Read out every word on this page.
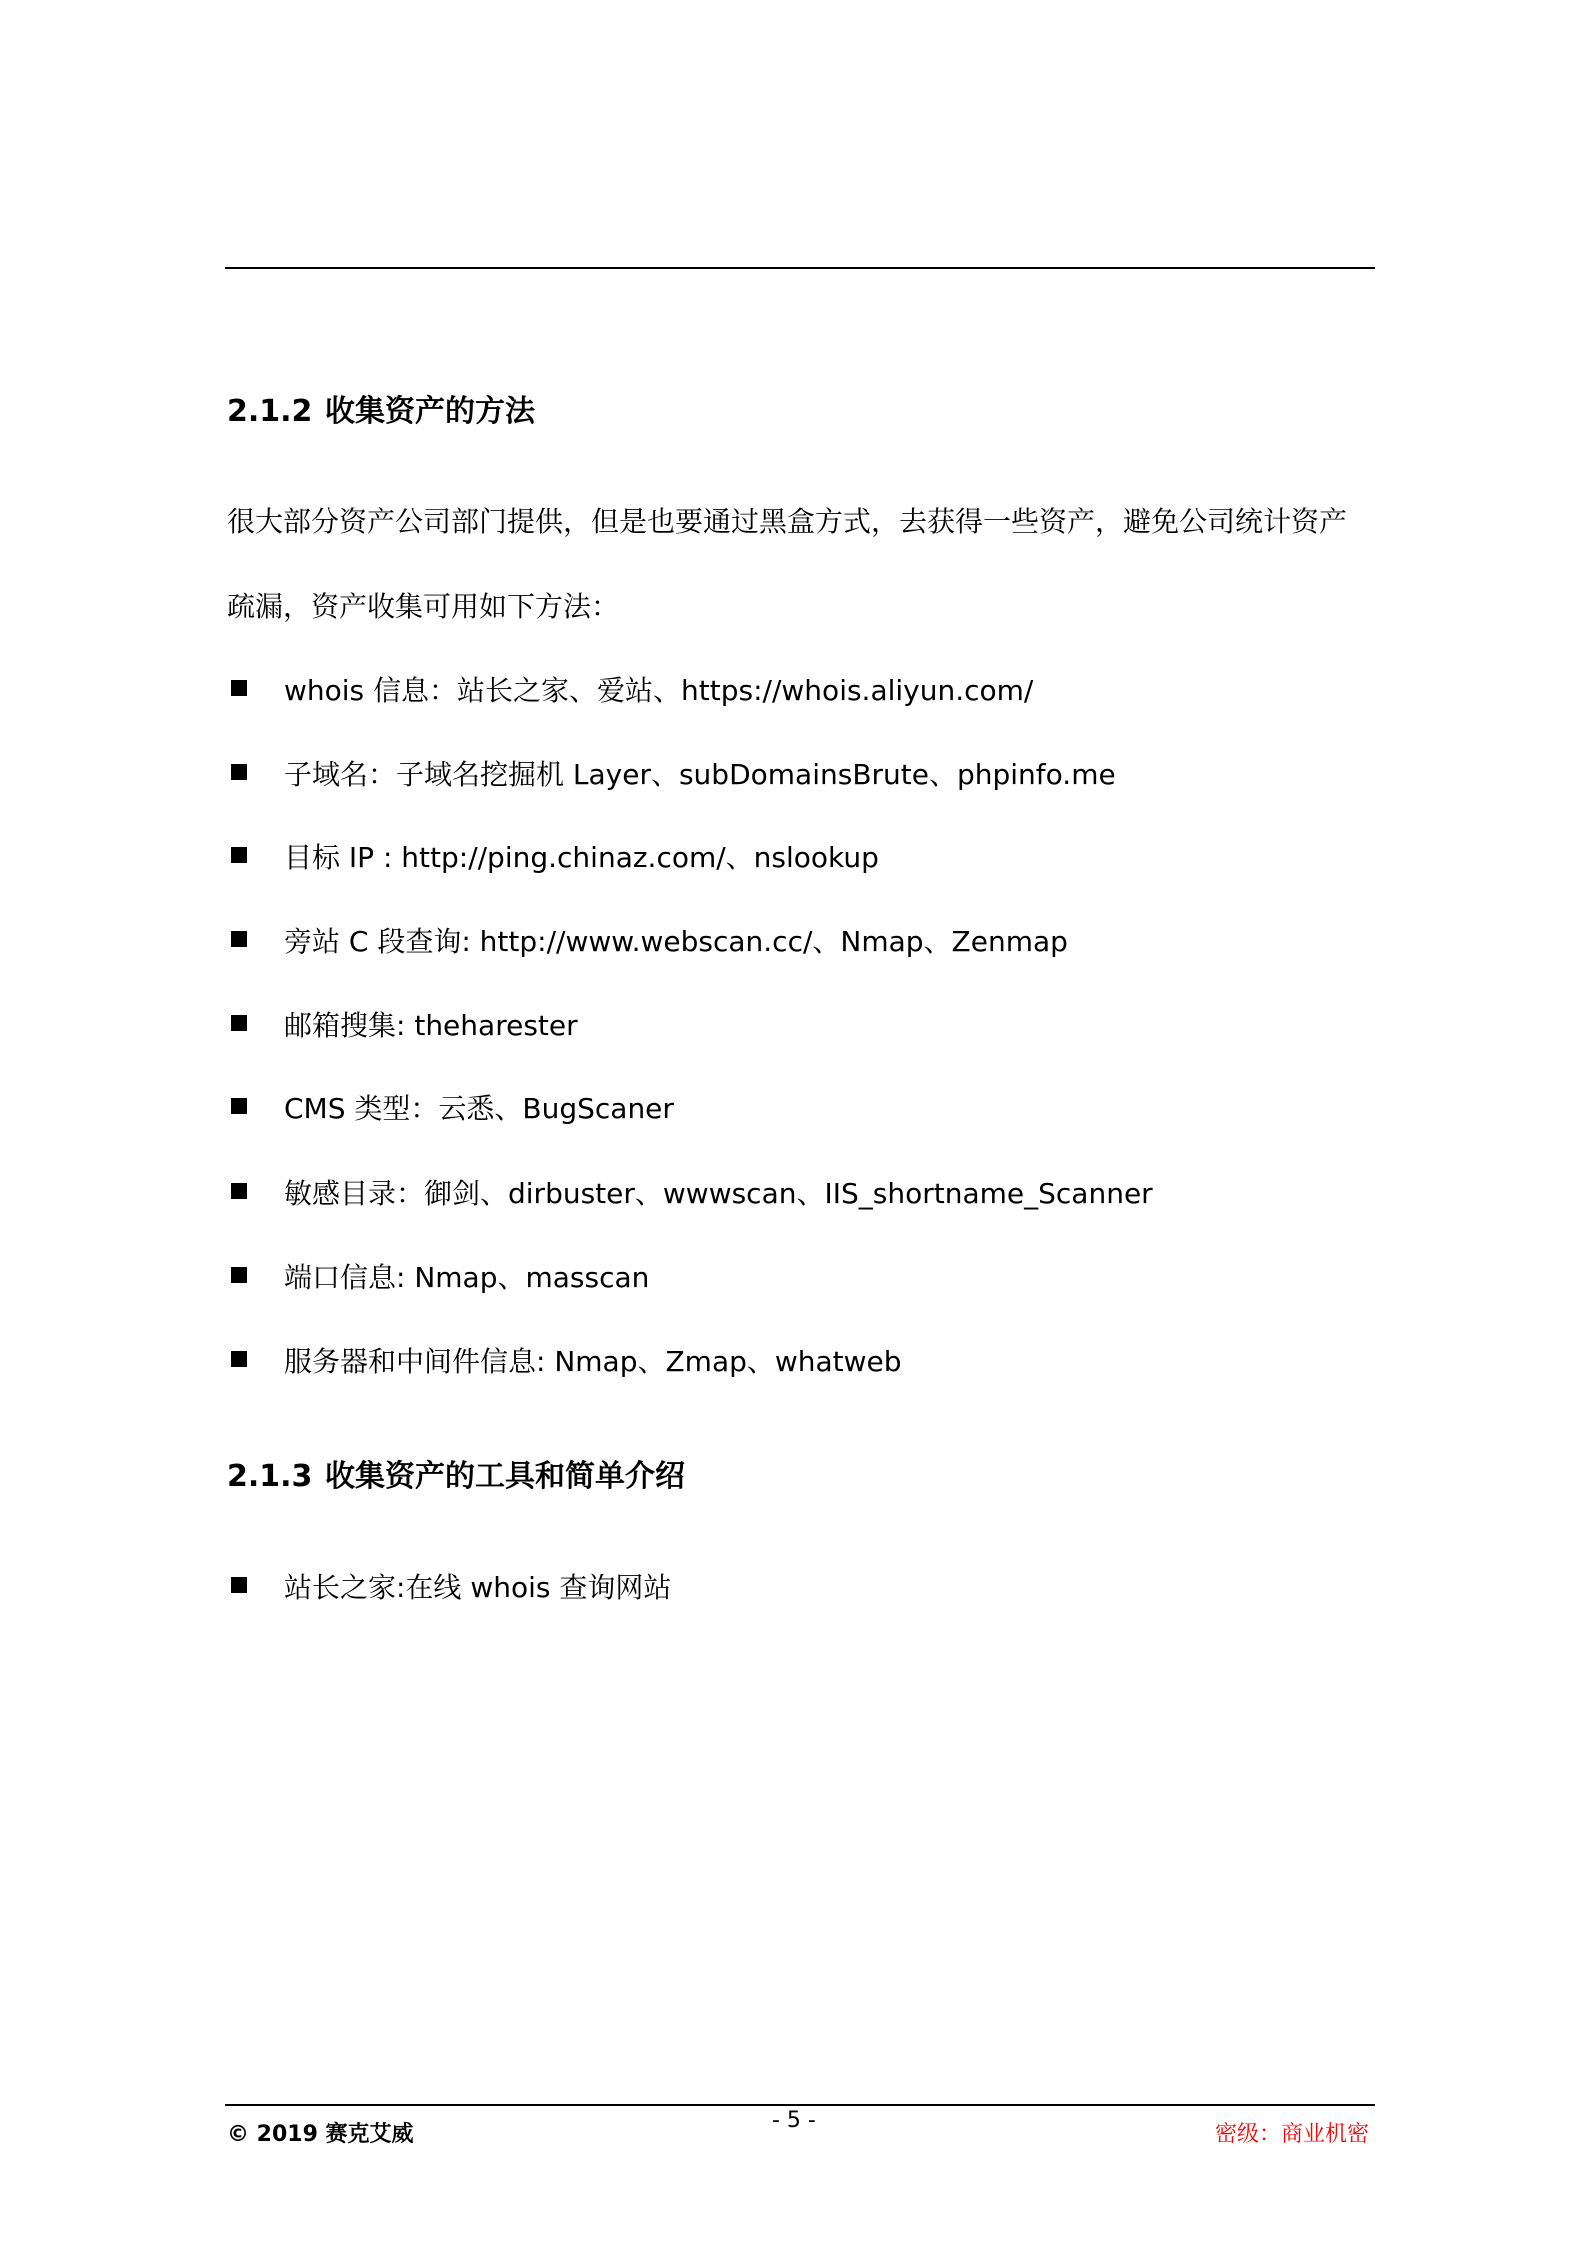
2.1.2 收集资产的方法
很大部分资产公司部门提供，但是也要通过黑盒方式，去获得一些资产，避免公司统计资产
疏漏，资产收集可用如下方法：
whois 信息：站长之家、爱站、https://whois.aliyun.com/
子域名：子域名挖掘机 Layer、subDomainsBrute、phpinfo.me
目标 IP : http://ping.chinaz.com/、nslookup
旁站 C 段查询: http://www.webscan.cc/、Nmap、Zenmap
邮箱搜集: theharester
CMS 类型：云悉、BugScaner
敏感目录：御剑、dirbuster、wwwscan、IIS_shortname_Scanner
端口信息: Nmap、masscan
服务器和中间件信息: Nmap、Zmap、whatweb
2.1.3 收集资产的工具和简单介绍
站长之家:在线 whois 查询网站
© 2019 赛克艾威
- 5 -
密级：商业机密
